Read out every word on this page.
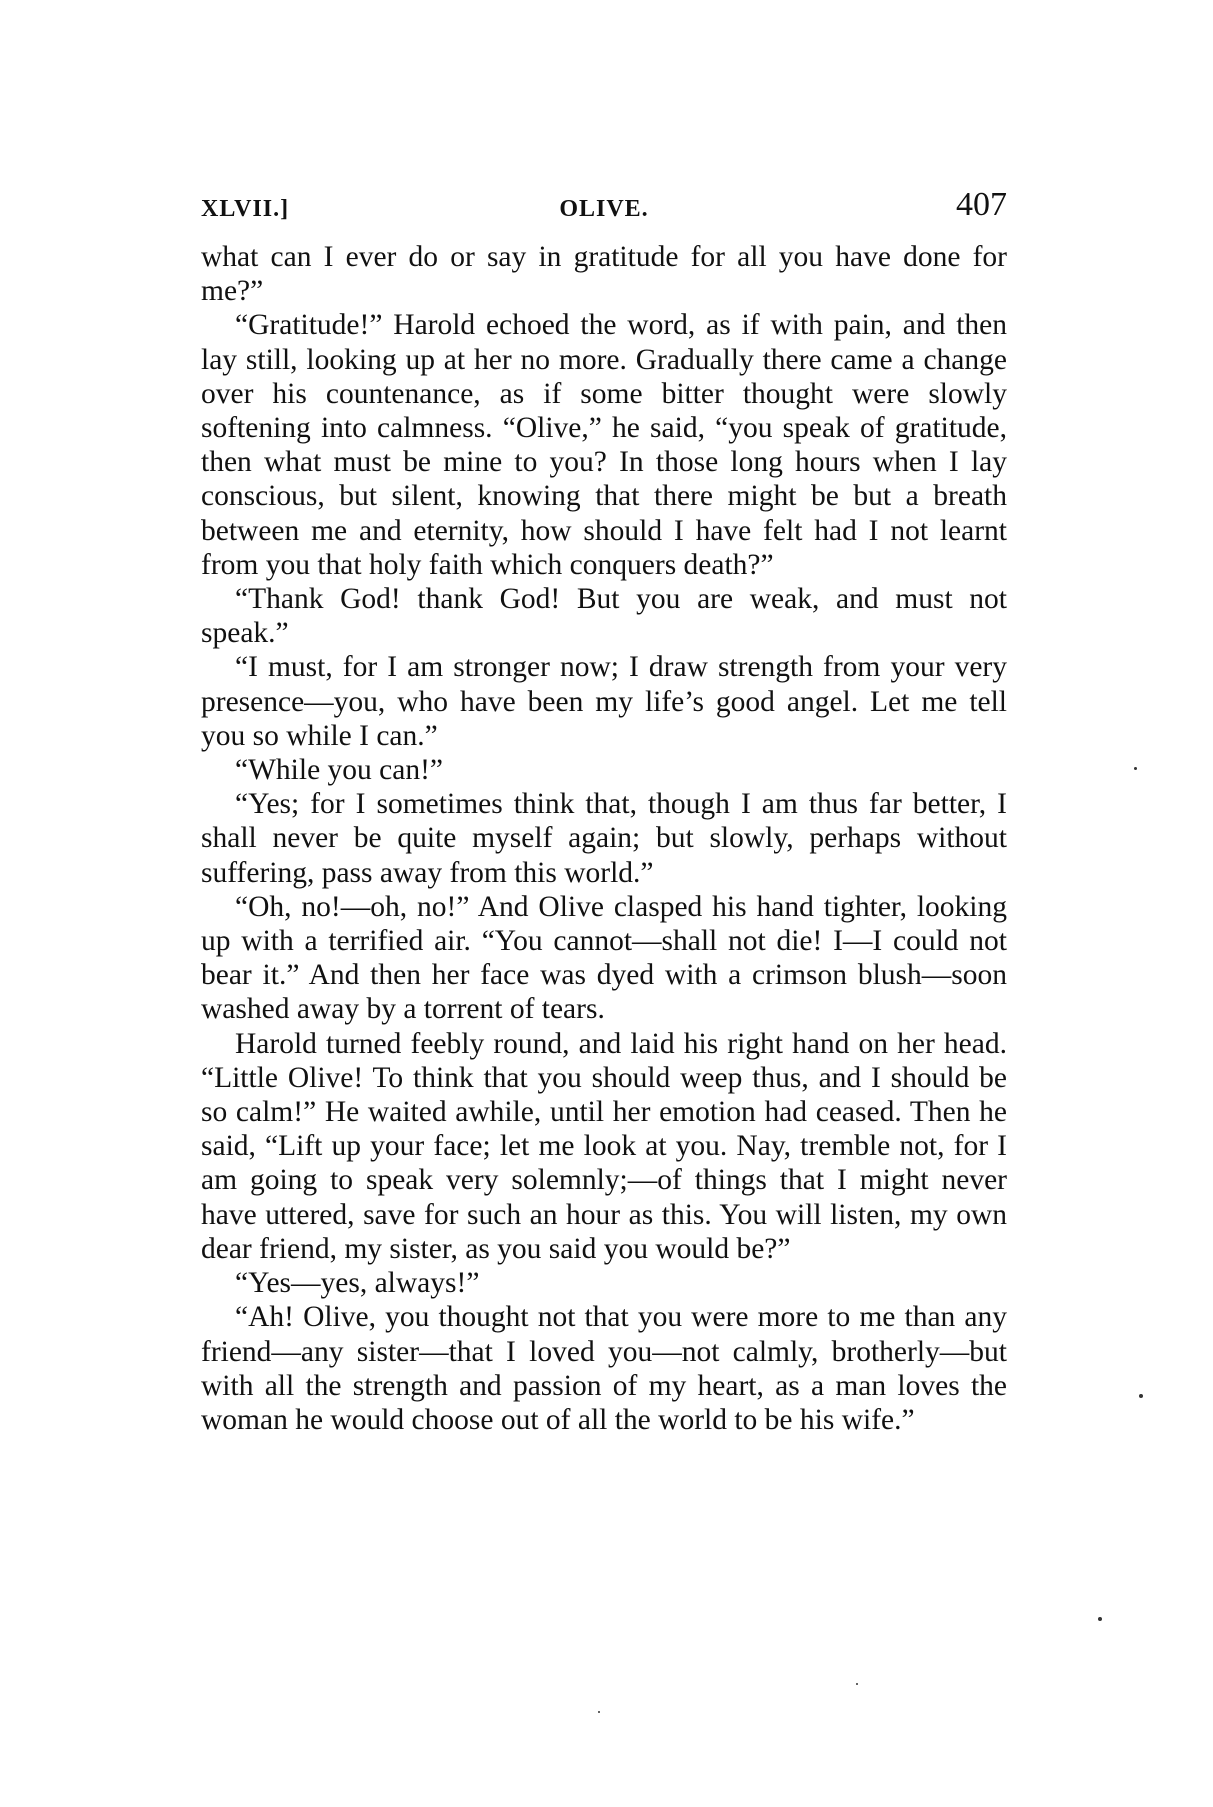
XLVII.]	OLIVE.	407

what can I ever do or say in gratitude for all you have done for me?”

“Gratitude!” Harold echoed the word, as if with pain, and then lay still, looking up at her no more. Gradually there came a change over his countenance, as if some bitter thought were slowly softening into calmness. “Olive,” he said, “you speak of gratitude, then what must be mine to you? In those long hours when I lay conscious, but silent, knowing that there might be but a breath between me and eternity, how should I have felt had I not learnt from you that holy faith which conquers death?”

“Thank God! thank God! But you are weak, and must not speak.”

“I must, for I am stronger now; I draw strength from your very presence—you, who have been my life’s good angel. Let me tell you so while I can.”

“While you can!”

“Yes; for I sometimes think that, though I am thus far better, I shall never be quite myself again; but slowly, perhaps without suffering, pass away from this world.”

“Oh, no!—oh, no!” And Olive clasped his hand tighter, looking up with a terrified air. “You cannot—shall not die! I—I could not bear it.” And then her face was dyed with a crimson blush—soon washed away by a torrent of tears.

Harold turned feebly round, and laid his right hand on her head. “Little Olive! To think that you should weep thus, and I should be so calm!” He waited awhile, until her emotion had ceased. Then he said, “Lift up your face; let me look at you. Nay, tremble not, for I am going to speak very solemnly;—of things that I might never have uttered, save for such an hour as this. You will listen, my own dear friend, my sister, as you said you would be?”

“Yes—yes, always!”

“Ah! Olive, you thought not that you were more to me than any friend—any sister—that I loved you—not calmly, brotherly—but with all the strength and passion of my heart, as a man loves the woman he would choose out of all the world to be his wife.”
